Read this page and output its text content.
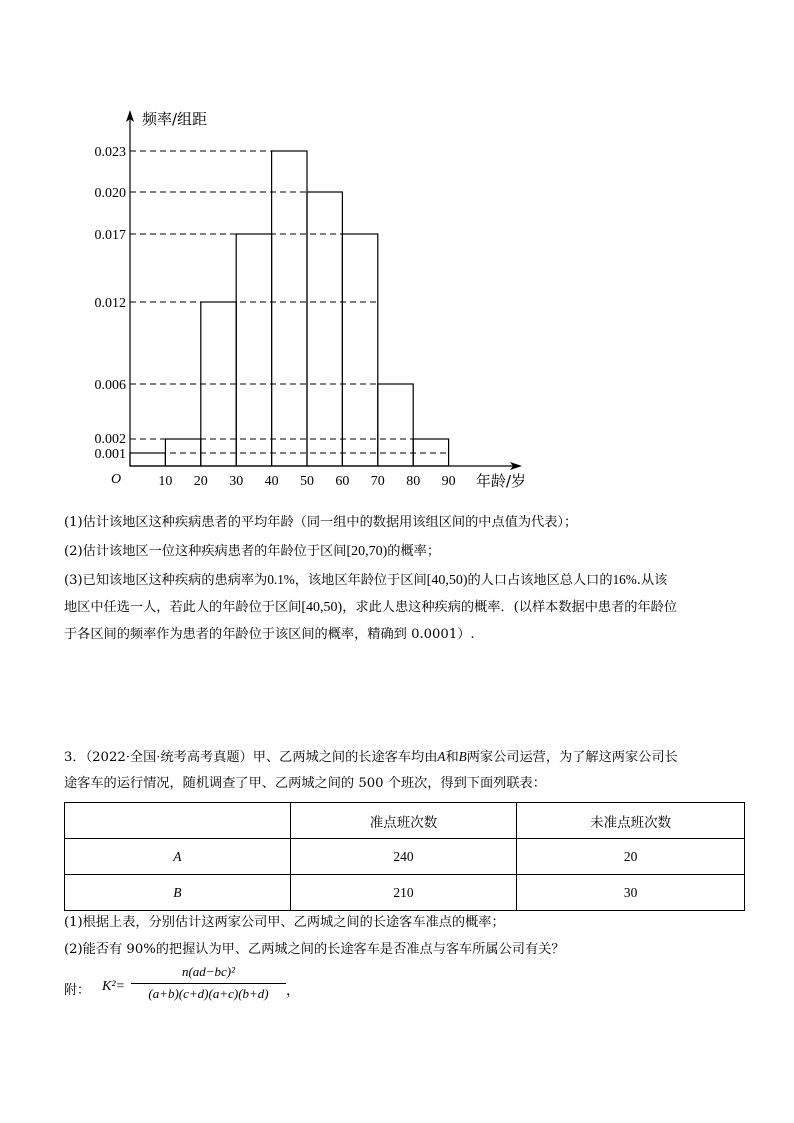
10 20 30 40 50 60 70 80 90
0.001
0.002
0.006
0.012
0.017
0.020
0.023
O
频率/组距
年龄/岁
(1)估计该地区这种疾病患者的平均年龄（同一组中的数据用该组区间的中点值为代表）；
(2)估计该地区一位这种疾病患者的年龄位于区间[20,70)的概率；
(3)已知该地区这种疾病的患病率为0.1%，该地区年龄位于区间[40,50)的人口占该地区总人口的16%.从该
地区中任选一人，若此人的年龄位于区间[40,50)，求此人患这种疾病的概率．(以样本数据中患者的年龄位
于各区间的频率作为患者的年龄位于该区间的概率，精确到 0.0001）.
3．（2022·全国·统考高考真题）甲、乙两城之间的长途客车均由A和B两家公司运营，为了解这两家公司长
途客车的运行情况，随机调查了甲、乙两城之间的 500 个班次，得到下面列联表：
	准点班次数	未准点班次数
A	240	20
B	210	30
(1)根据上表，分别估计这两家公司甲、乙两城之间的长途客车准点的概率；
(2)能否有 90%的把握认为甲、乙两城之间的长途客车是否准点与客车所属公司有关？
附： K²=
n(ad−bc)²
(a+b)(c+d)(a+c)(b+d)	，
